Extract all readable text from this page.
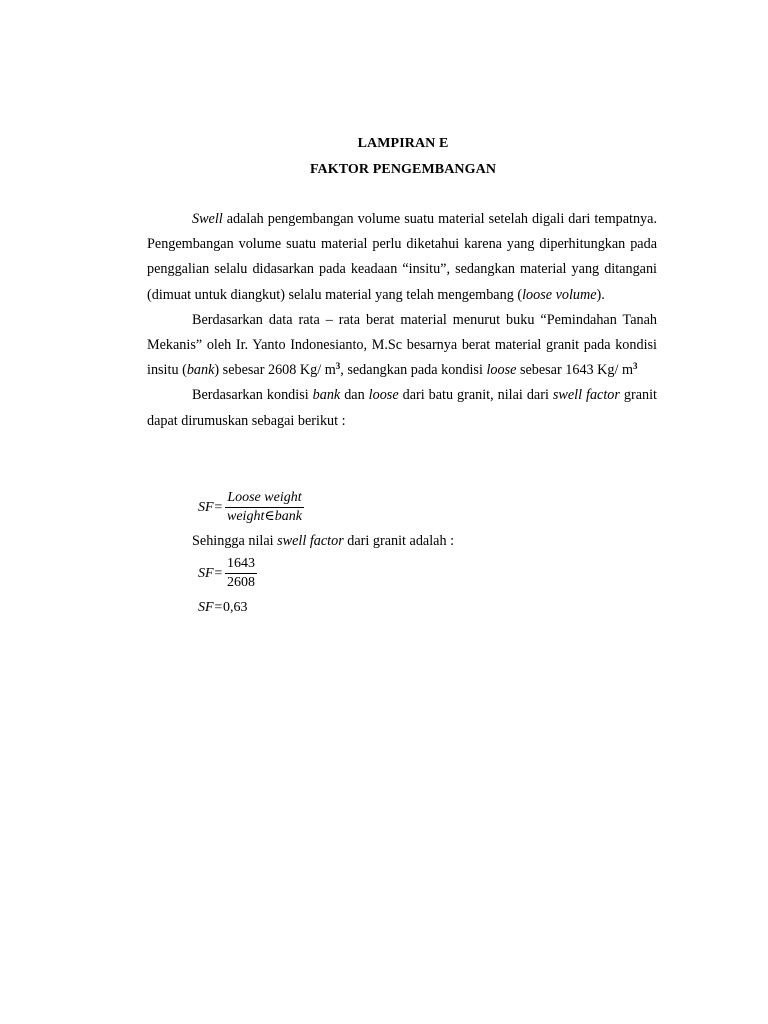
LAMPIRAN E
FAKTOR PENGEMBANGAN

Swell adalah pengembangan volume suatu material setelah digali dari tempatnya. Pengembangan volume suatu material perlu diketahui karena yang diperhitungkan pada penggalian selalu didasarkan pada keadaan “insitu”, sedangkan material yang ditangani (dimuat untuk diangkut) selalu material yang telah mengembang (loose volume).

Berdasarkan data rata – rata berat material menurut buku “Pemindahan Tanah Mekanis” oleh Ir. Yanto Indonesianto, M.Sc besarnya berat material granit pada kondisi insitu (bank) sebesar 2608 Kg/ $m^3$, sedangkan pada kondisi loose sebesar 1643 Kg/ $m^3$

Berdasarkan kondisi bank dan loose dari batu granit, nilai dari swell factor granit dapat dirumuskan sebagai berikut :

$SF= \frac{\text{Loose weight}}{\text{weight∈bank}}$
Sehingga nilai swell factor dari granit adalah :
$SF= \frac{1643}{2608}$
SF= 0,63
